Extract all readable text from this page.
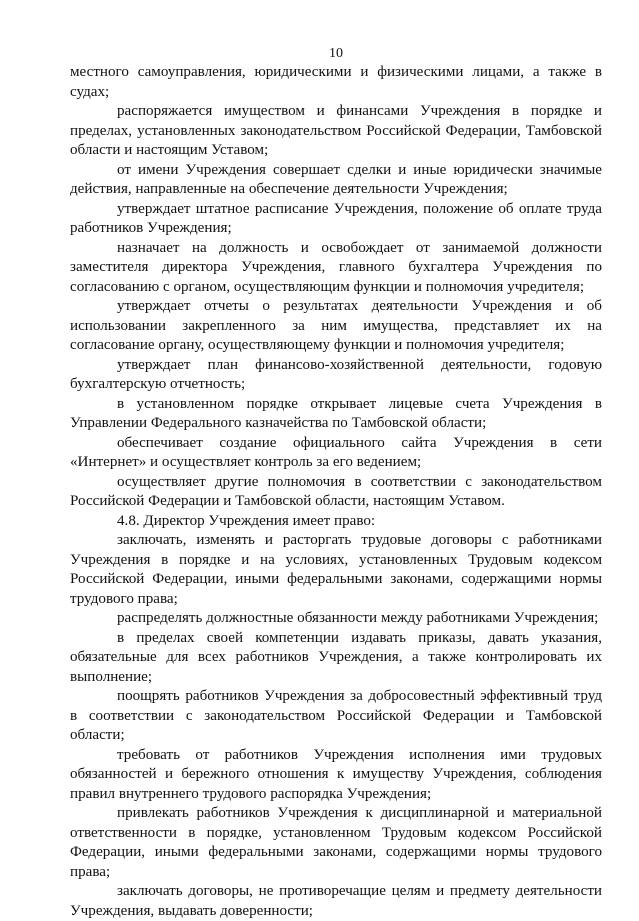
10

местного самоуправления, юридическими и физическими лицами, а также в судах;

распоряжается имуществом и финансами Учреждения в порядке и пределах, установленных законодательством Российской Федерации, Тамбовской области и настоящим Уставом;

от имени Учреждения совершает сделки и иные юридически значимые действия, направленные на обеспечение деятельности Учреждения;

утверждает штатное расписание Учреждения, положение об оплате труда работников Учреждения;

назначает на должность и освобождает от занимаемой должности заместителя директора Учреждения, главного бухгалтера Учреждения по согласованию с органом, осуществляющим функции и полномочия учредителя;

утверждает отчеты о результатах деятельности Учреждения и об использовании закрепленного за ним имущества, представляет их на согласование органу, осуществляющему функции и полномочия учредителя;

утверждает план финансово-хозяйственной деятельности, годовую бухгалтерскую отчетность;

в установленном порядке открывает лицевые счета Учреждения в Управлении Федерального казначейства по Тамбовской области;

обеспечивает создание официального сайта Учреждения в сети «Интернет» и осуществляет контроль за его ведением;

осуществляет другие полномочия в соответствии с законодательством Российской Федерации и Тамбовской области, настоящим Уставом.

4.8. Директор Учреждения имеет право:

заключать, изменять и расторгать трудовые договоры с работниками Учреждения в порядке и на условиях, установленных Трудовым кодексом Российской Федерации, иными федеральными законами, содержащими нормы трудового права;

распределять должностные обязанности между работниками Учреждения;

в пределах своей компетенции издавать приказы, давать указания, обязательные для всех работников Учреждения, а также контролировать их выполнение;

поощрять работников Учреждения за добросовестный эффективный труд в соответствии с законодательством Российской Федерации и Тамбовской области;

требовать от работников Учреждения исполнения ими трудовых обязанностей и бережного отношения к имуществу Учреждения, соблюдения правил внутреннего трудового распорядка Учреждения;

привлекать работников Учреждения к дисциплинарной и материальной ответственности в порядке, установленном Трудовым кодексом Российской Федерации, иными федеральными законами, содержащими нормы трудового права;

заключать договоры, не противоречащие целям и предмету деятельности Учреждения, выдавать доверенности;
